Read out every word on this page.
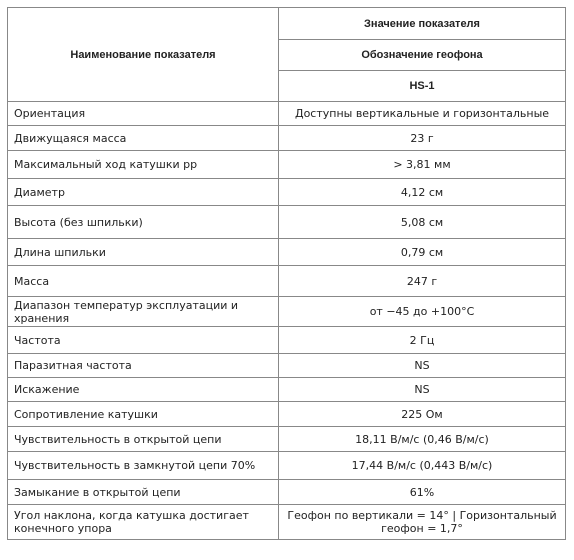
Наименование показателя	Значение показателя
	Обозначение геофона
	HS-1
Ориентация	Доступны вертикальные и горизонтальные
Движущаяся масса	23 г
Максимальный ход катушки pp	> 3,81 мм
Диаметр	4,12 см
Высота (без шпильки)	5,08 см
Длина шпильки	0,79 см
Масса	247 г
Диапазон температур эксплуатации и хранения	от −45 до +100°C
Частота	2 Гц
Паразитная частота	NS
Искажение	NS
Сопротивление катушки	225 Ом
Чувствительность в открытой цепи	18,11 В/м/с (0,46 В/м/с)
Чувствительность в замкнутой цепи 70%	17,44 В/м/с (0,443 В/м/с)
Замыкание в открытой цепи	61%
Угол наклона, когда катушка достигает конечного упора	Геофон по вертикали = 14° | Горизонтальный геофон = 1,7°
